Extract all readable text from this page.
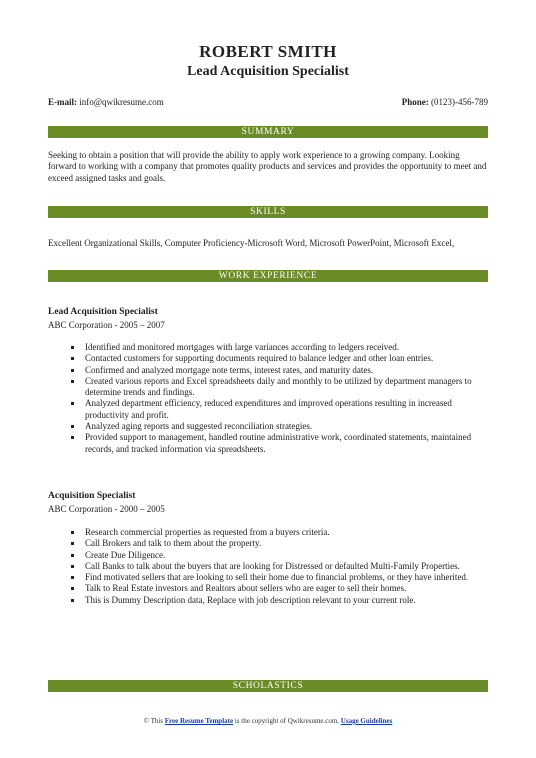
ROBERT SMITH
Lead Acquisition Specialist
E-mail: info@qwikresume.com	Phone: (0123)-456-789
SUMMARY
Seeking to obtain a position that will provide the ability to apply work experience to a growing company. Looking forward to working with a company that promotes quality products and services and provides the opportunity to meet and exceed assigned tasks and goals.
SKILLS
Excellent Organizational Skills, Computer Proficiency-Microsoft Word, Microsoft PowerPoint, Microsoft Excel,
WORK EXPERIENCE
Lead Acquisition Specialist
ABC Corporation - 2005 – 2007
Identified and monitored mortgages with large variances according to ledgers received.
Contacted customers for supporting documents required to balance ledger and other loan entries.
Confirmed and analyzed mortgage note terms, interest rates, and maturity dates.
Created various reports and Excel spreadsheets daily and monthly to be utilized by department managers to determine trends and findings.
Analyzed department efficiency, reduced expenditures and improved operations resulting in increased productivity and profit.
Analyzed aging reports and suggested reconciliation strategies.
Provided support to management, handled routine administrative work, coordinated statements, maintained records, and tracked information via spreadsheets.
Acquisition Specialist
ABC Corporation - 2000 – 2005
Research commercial properties as requested from a buyers criteria.
Call Brokers and talk to them about the property.
Create Due Diligence.
Call Banks to talk about the buyers that are looking for Distressed or defaulted Multi-Family Properties.
Find motivated sellers that are looking to sell their home due to financial problems, or they have inherited.
Talk to Real Estate investors and Realtors about sellers who are eager to sell their homes.
This is Dummy Description data, Replace with job description relevant to your current role.
SCHOLASTICS
© This Free Resume Template is the copyright of Qwikresume.com. Usage Guidelines
